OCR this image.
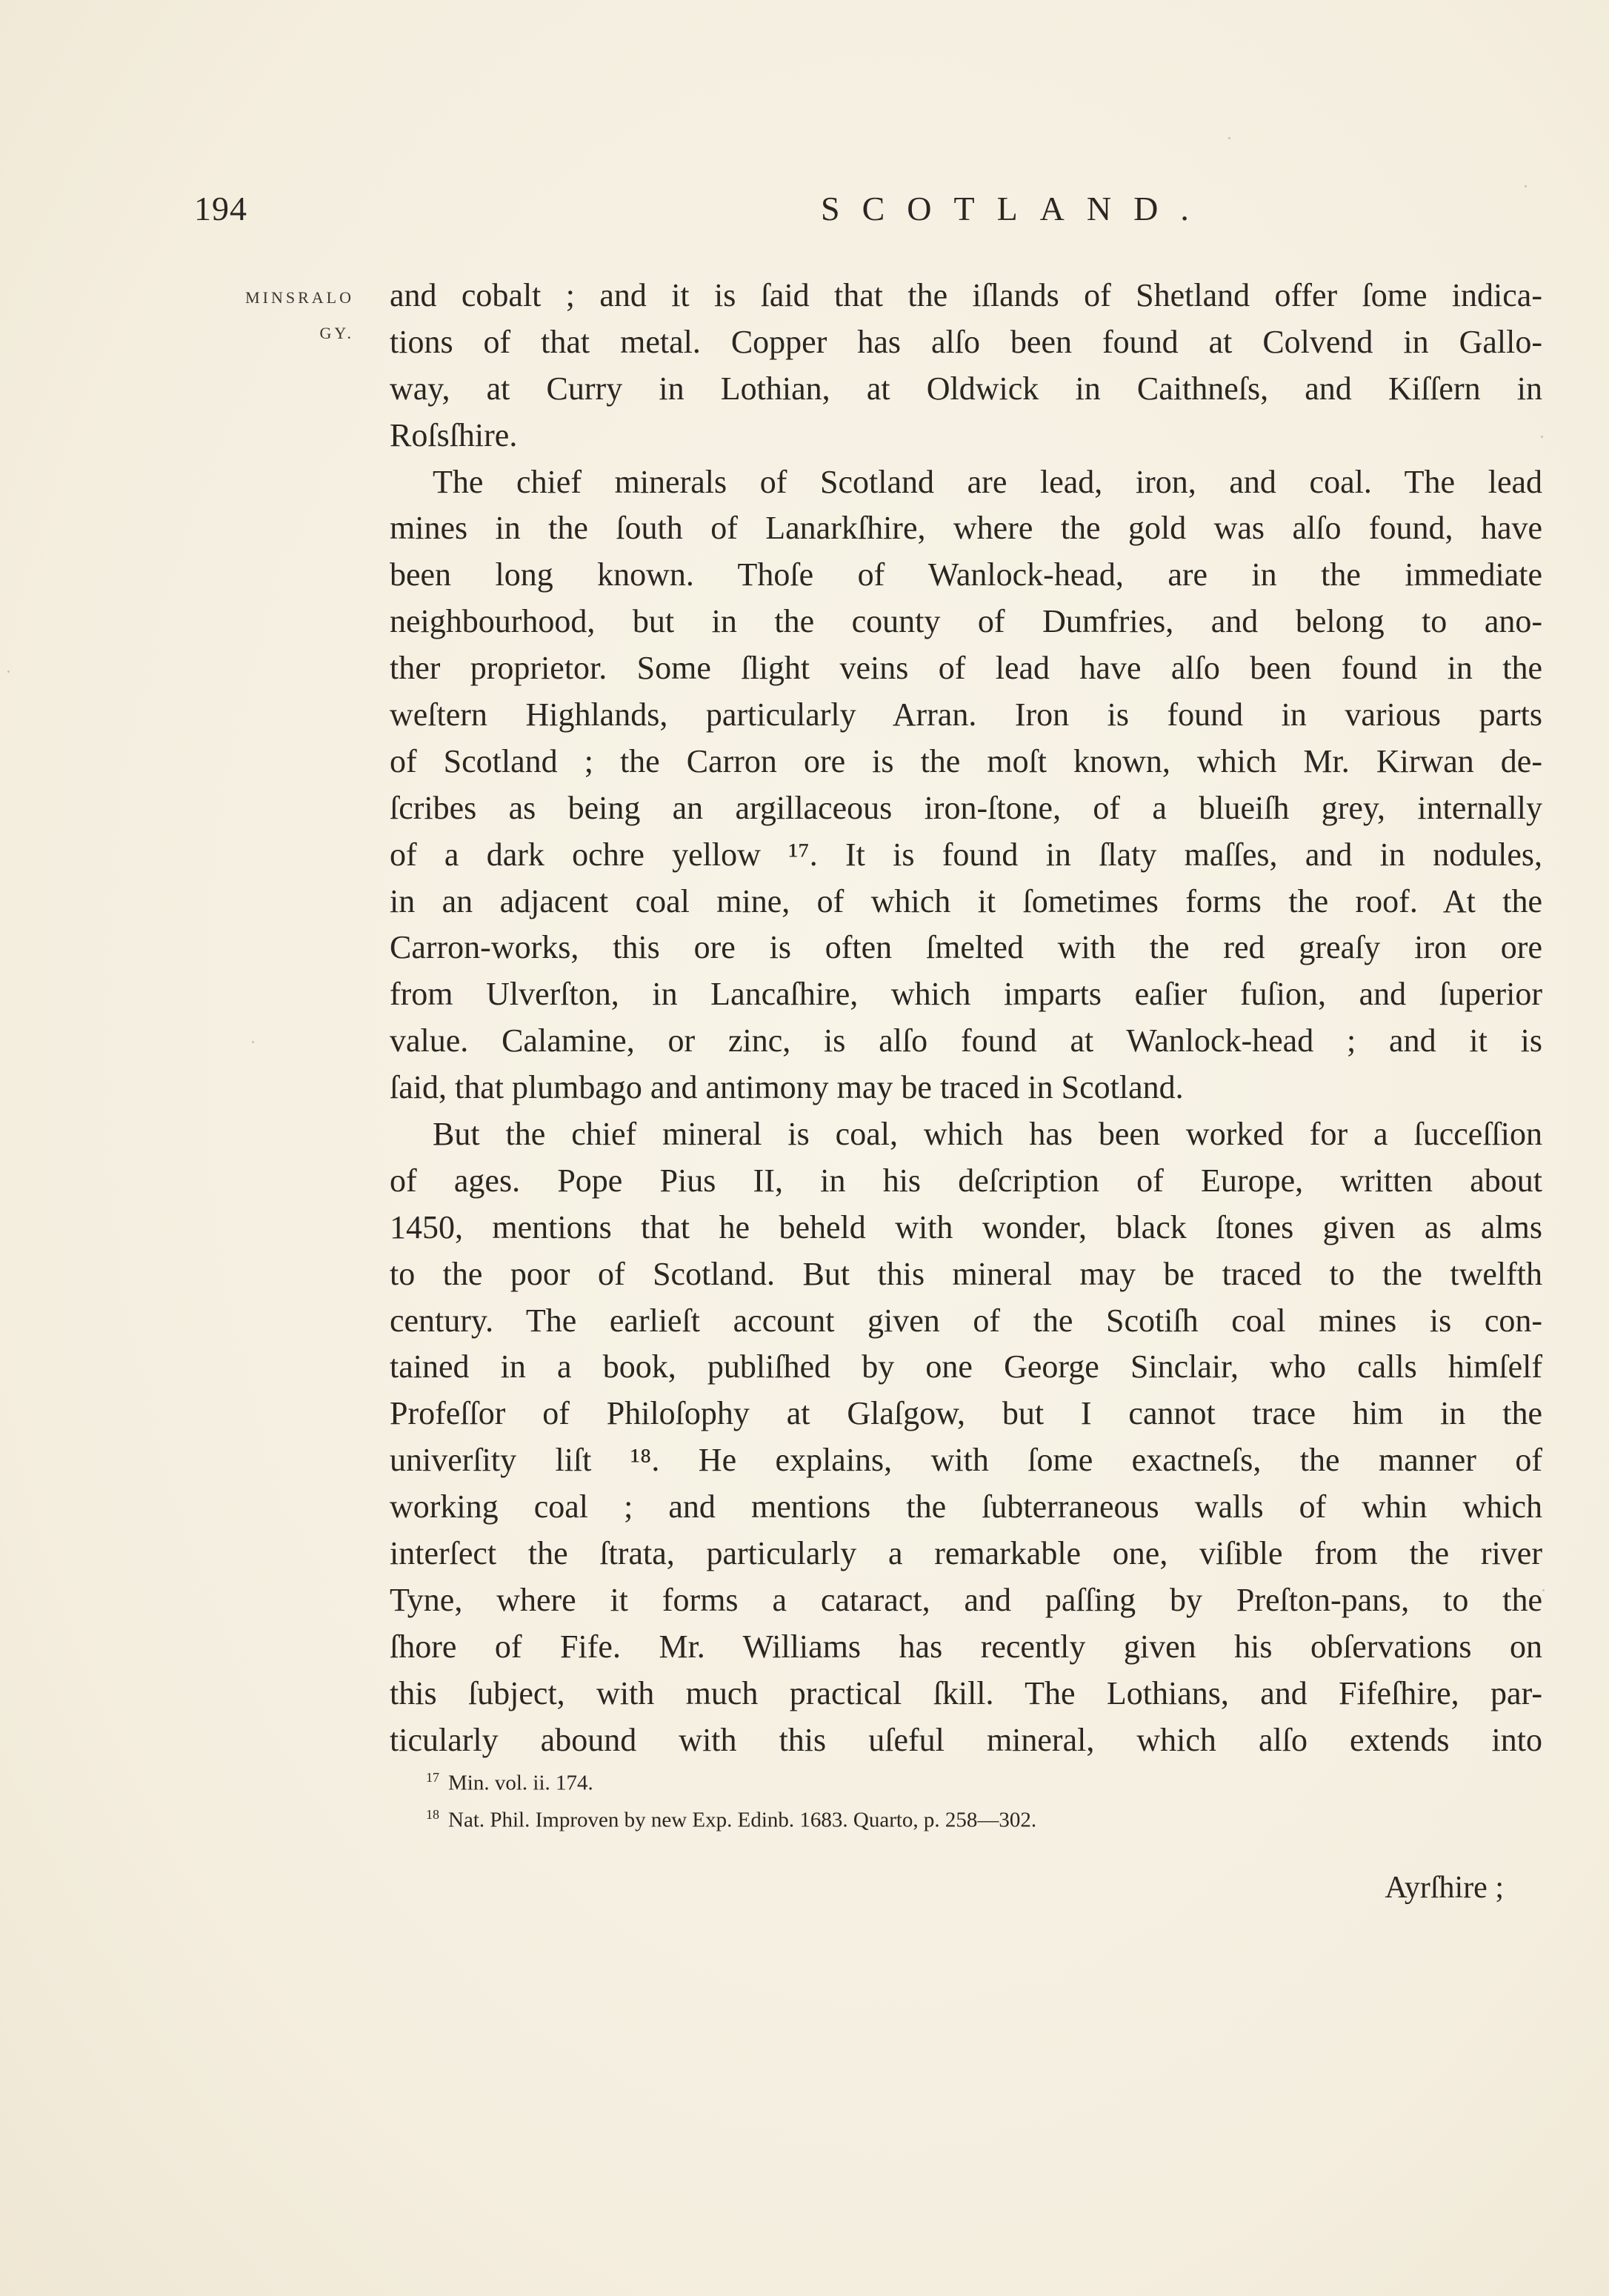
194	SCOTLAND.
MINSRALO
GY.
and cobalt ; and it is ſaid that the iſlands of Shetland offer ſome indica-
tions of that metal. Copper has alſo been found at Colvend in Gallo-
way, at Curry in Lothian, at Oldwick in Caithneſs, and Kiſſern in
Roſsſhire.
The chief minerals of Scotland are lead, iron, and coal. The lead
mines in the ſouth of Lanarkſhire, where the gold was alſo found, have
been long known. Thoſe of Wanlock-head, are in the immediate
neighbourhood, but in the county of Dumfries, and belong to ano-
ther proprietor. Some ſlight veins of lead have alſo been found in the
weſtern Highlands, particularly Arran. Iron is found in various parts
of Scotland ; the Carron ore is the moſt known, which Mr. Kirwan de-
ſcribes as being an argillaceous iron-ſtone, of a blueiſh grey, internally
of a dark ochre yellow ¹⁷. It is found in ſlaty maſſes, and in nodules,
in an adjacent coal mine, of which it ſometimes forms the roof. At the
Carron-works, this ore is often ſmelted with the red greaſy iron ore
from Ulverſton, in Lancaſhire, which imparts eaſier fuſion, and ſuperior
value. Calamine, or zinc, is alſo found at Wanlock-head ; and it is
ſaid, that plumbago and antimony may be traced in Scotland.
But the chief mineral is coal, which has been worked for a ſucceſſion
of ages. Pope Pius II, in his deſcription of Europe, written about
1450, mentions that he beheld with wonder, black ſtones given as alms
to the poor of Scotland. But this mineral may be traced to the twelfth
century. The earlieſt account given of the Scotiſh coal mines is con-
tained in a book, publiſhed by one George Sinclair, who calls himſelf
Profeſſor of Philoſophy at Glaſgow, but I cannot trace him in the
univerſity liſt ¹⁸. He explains, with ſome exactneſs, the manner of
working coal ; and mentions the ſubterraneous walls of whin which
interſect the ſtrata, particularly a remarkable one, viſible from the river
Tyne, where it forms a cataract, and paſſing by Preſton-pans, to the
ſhore of Fife. Mr. Williams has recently given his obſervations on
this ſubject, with much practical ſkill. The Lothians, and Fifeſhire, par-
ticularly abound with this uſeful mineral, which alſo extends into
$^{17}$ Min. vol. ii. 174.
$^{18}$ Nat. Phil. Improven by new Exp. Edinb. 1683. Quarto, p. 258—302.
Ayrſhire ;
